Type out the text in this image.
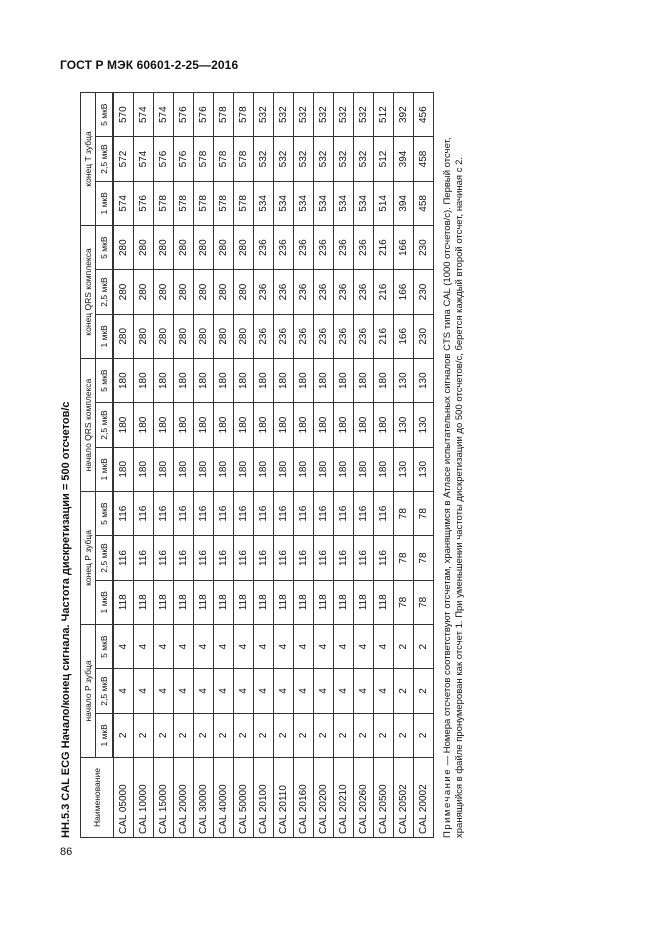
ГОСТ Р МЭК 60601-2-25—2016
НН.5.3 CAL ECG Начало/конец сигнала. Частота дискретизации = 500 отсчетов/с Наименование	начало Р зубца			конец Р зубца			начало QRS комплекса			конец QRS комплекса			конец Т зубца		
	1 мкВ	2,5 мкВ	5 мкВ	1 мкВ	2,5 мкВ	5 мкВ	1 мкВ	2,5 мкВ	5 мкВ	1 мкВ	2,5 мкВ	5 мкВ	1 мкВ	2,5 мкВ	5 мкВ
CAL 05000	2	4	4	118	116	116	180	180	180	280	280	280	574	572	570
CAL 10000	2	4	4	118	116	116	180	180	180	280	280	280	576	574	574
CAL 15000	2	4	4	118	116	116	180	180	180	280	280	280	578	576	574
CAL 20000	2	4	4	118	116	116	180	180	180	280	280	280	578	576	576
CAL 30000	2	4	4	118	116	116	180	180	180	280	280	280	578	578	576
CAL 40000	2	4	4	118	116	116	180	180	180	280	280	280	578	578	578
CAL 50000	2	4	4	118	116	116	180	180	180	280	280	280	578	578	578
CAL 20100	2	4	4	118	116	116	180	180	180	236	236	236	534	532	532
CAL 20110	2	4	4	118	116	116	180	180	180	236	236	236	534	532	532
CAL 20160	2	4	4	118	116	116	180	180	180	236	236	236	534	532	532
CAL 20200	2	4	4	118	116	116	180	180	180	236	236	236	534	532	532
CAL 20210	2	4	4	118	116	116	180	180	180	236	236	236	534	532	532
CAL 20260	2	4	4	118	116	116	180	180	180	236	236	236	534	532	532
CAL 20500	2	4	4	118	116	116	180	180	180	216	216	216	514	512	512
CAL 20502	2	2	2	78	78	78	130	130	130	166	166	166	394	394	392
CAL 20002	2	2	2	78	78	78	130	130	130	230	230	230	458	458	456
Примечание — Номера отсчетов соответствуют отсчетам, хранящимся в Атласе испытательных сигналов CTS типа CAL (1000 отсчетов/с). Первый отсчет, хранящийся в файле пронумерован как отсчет 1. При уменьшении частоты дискретизации до 500 отсчетов/с, берется каждый второй отсчет, начиная с 2.
86
